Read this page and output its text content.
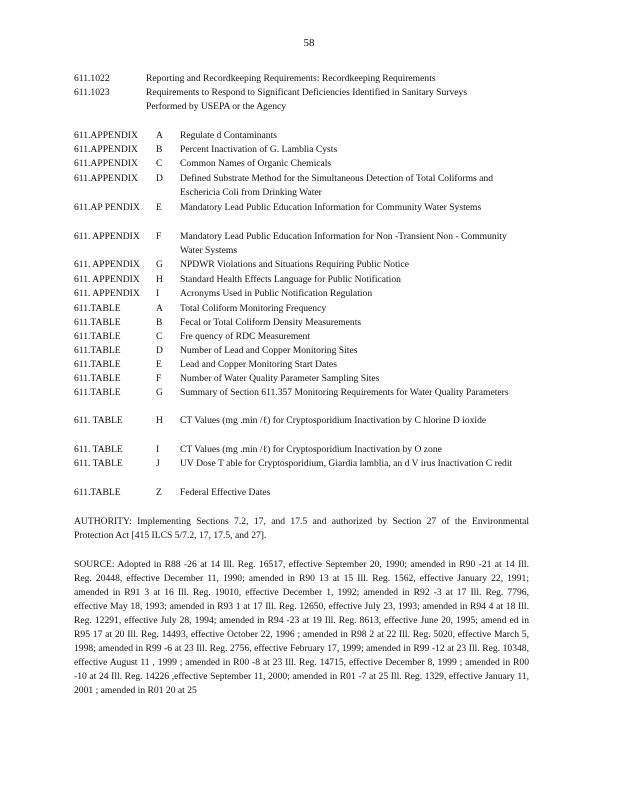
58
611.1022	Reporting and Recordkeeping Requirements: Recordkeeping Requirements
611.1023	Requirements to Respond to Significant Deficiencies Identified in Sanitary Surveys Performed by USEPA or the Agency
611.APPENDIX A	Regulate d Contaminants
611.APPENDIX B	Percent Inactivation of G. Lamblia Cysts
611.APPENDIX C	Common Names of Organic Chemicals
611.APPENDIX D	Defined Substrate Method for the Simultaneous Detection of Total Coliforms and Eschericia Coli from Drinking Water
611.AP PENDIX E	Mandatory Lead Public Education Information for Community Water Systems
611. APPENDIX F	Mandatory Lead Public Education Information for Non -Transient Non - Community Water Systems
611. APPENDIX G	NPDWR Violations and Situations Requiring Public Notice
611. APPENDIX H	Standard Health Effects Language for Public Notification
611. APPENDIX I	Acronyms Used in Public Notification Regulation
611.TABLE	A	Total Coliform Monitoring Frequency
611.TABLE	B	Fecal or Total Coliform Density Measurements
611.TABLE	C	Fre quency of RDC Measurement
611.TABLE	D	Number of Lead and Copper Monitoring Sites
611.TABLE	E	Lead and Copper Monitoring Start Dates
611.TABLE	F	Number of Water Quality Parameter Sampling Sites
611.TABLE	G	Summary of Section 611.357 Monitoring Requirements for Water Quality Parameters
611. TABLE	H	CT Values (mg .min /ℓ) for Cryptosporidium Inactivation by C hlorine D ioxide
611. TABLE	I	CT Values (mg .min /ℓ) for Cryptosporidium Inactivation by O zone
611. TABLE	J	UV Dose T able for Cryptosporidium, Giardia lamblia, an d V irus Inactivation C redit
611.TABLE	Z	Federal Effective Dates
AUTHORITY: Implementing Sections 7.2, 17, and 17.5 and authorized by Section 27 of the Environmental Protection Act [415 ILCS 5/7.2, 17, 17.5, and 27].
SOURCE: Adopted in R88 -26 at 14 Ill. Reg. 16517, effective September 20, 1990; amended in R90 -21 at 14 Ill. Reg. 20448, effective December 11, 1990; amended in R90 13 at 15 Ill. Reg. 1562, effective January 22, 1991; amended in R91 3 at 16 Ill. Reg. 19010, effective December 1, 1992; amended in R92 -3 at 17 Ill. Reg. 7796, effective May 18, 1993; amended in R93 1 at 17 Ill. Reg. 12650, effective July 23, 1993; amended in R94 4 at 18 Ill. Reg. 12291, effective July 28, 1994; amended in R94 -23 at 19 Ill. Reg. 8613, effective June 20, 1995; amend ed in R95 17 at 20 Ill. Reg. 14493, effective October 22, 1996 ; amended in R98 2 at 22 Ill. Reg. 5020, effective March 5, 1998; amended in R99 -6 at 23 Ill. Reg. 2756, effective February 17, 1999; amended in R99 -12 at 23 Ill. Reg. 10348, effective August 11 , 1999 ; amended in R00 -8 at 23 Ill. Reg. 14715, effective December 8, 1999 ; amended in R00 -10 at 24 Ill. Reg. 14226 ,effective September 11, 2000; amended in R01 -7 at 25 Ill. Reg. 1329, effective January 11, 2001 ; amended in R01 20 at 25
